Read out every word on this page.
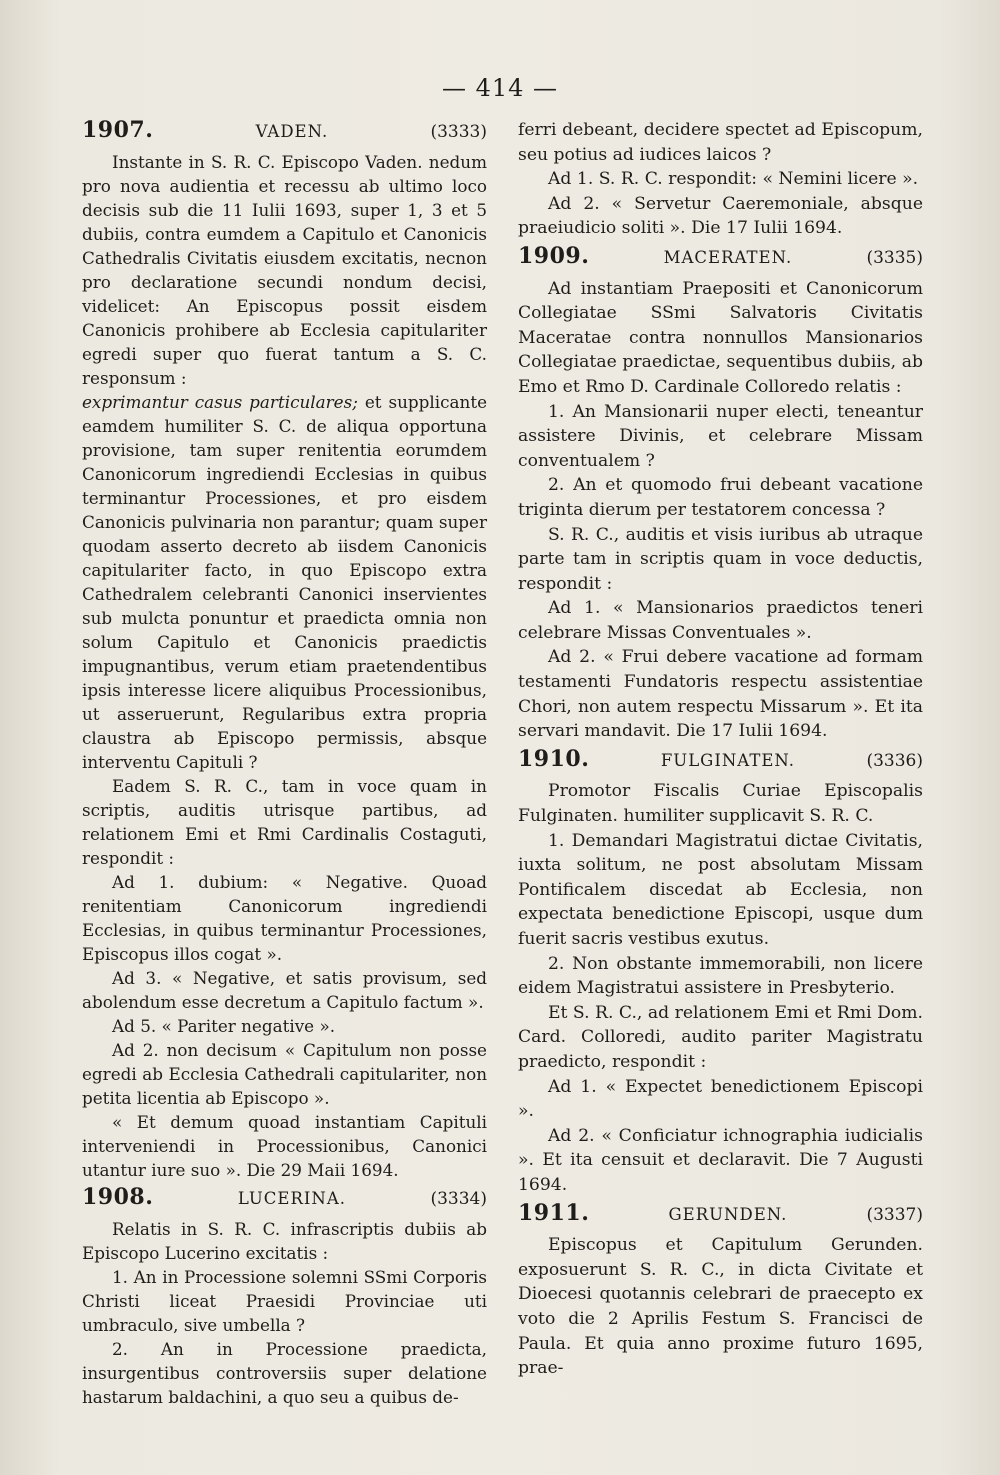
— 414 —
1907.	VADEN.	(3333)

Instante in S. R. C. Episcopo Vaden. nedum pro nova audientia et recessu ab ultimo loco decisis sub die 11 Iulii 1693, super 1, 3 et 5 dubiis, contra eumdem a Capitulo et Canonicis Cathedralis Civitatis eiusdem excitatis, necnon pro declaratione secundi nondum decisi, videlicet: An Episcopus possit eisdem Canonicis prohibere ab Ecclesia capitulariter egredi super quo fuerat tantum a S. C. responsum :

exprimantur casus particulares; et supplicante eamdem humiliter S. C. de aliqua opportuna provisione, tam super renitentia eorumdem Canonicorum ingrediendi Ecclesias in quibus terminantur Processiones, et pro eisdem Canonicis pulvinaria non parantur; quam super quodam asserto decreto ab iisdem Canonicis capitulariter facto, in quo Episcopo extra Cathedralem celebranti Canonici inservientes sub mulcta ponuntur et praedicta omnia non solum Capitulo et Canonicis praedictis impugnantibus, verum etiam praetendentibus ipsis interesse licere aliquibus Processionibus, ut asseruerunt, Regularibus extra propria claustra ab Episcopo permissis, absque interventu Capituli ?

Eadem S. R. C., tam in voce quam in scriptis, auditis utrisque partibus, ad relationem Emi et Rmi Cardinalis Costaguti, respondit :

Ad 1. dubium: « Negative. Quoad renitentiam Canonicorum ingrediendi Ecclesias, in quibus terminantur Processiones, Episcopus illos cogat ».

Ad 3. « Negative, et satis provisum, sed abolendum esse decretum a Capitulo factum ».

Ad 5. « Pariter negative ».

Ad 2. non decisum « Capitulum non posse egredi ab Ecclesia Cathedrali capitulariter, non petita licentia ab Episcopo ».

« Et demum quoad instantiam Capituli interveniendi in Processionibus, Canonici utantur iure suo ». Die 29 Maii 1694.

1908.	LUCERINA.	(3334)

Relatis in S. R. C. infrascriptis dubiis ab Episcopo Lucerino excitatis :

1. An in Processione solemni SSmi Corporis Christi liceat Praesidi Provinciae uti umbraculo, sive umbella ?

2. An in Processione praedicta, insurgentibus controversiis super delatione hastarum baldachini, a quo seu a quibus de-

ferri debeant, decidere spectet ad Episcopum, seu potius ad iudices laicos ?

Ad 1. S. R. C. respondit: « Nemini licere ».

Ad 2. « Servetur Caeremoniale, absque praeiudicio soliti ». Die 17 Iulii 1694.

1909.	MACERATEN.	(3335)

Ad instantiam Praepositi et Canonicorum Collegiatae SSmi Salvatoris Civitatis Maceratae contra nonnullos Mansionarios Collegiatae praedictae, sequentibus dubiis, ab Emo et Rmo D. Cardinale Colloredo relatis :

1. An Mansionarii nuper electi, teneantur assistere Divinis, et celebrare Missam conventualem ?

2. An et quomodo frui debeant vacatione triginta dierum per testatorem concessa ?

S. R. C., auditis et visis iuribus ab utraque parte tam in scriptis quam in voce deductis, respondit :

Ad 1. « Mansionarios praedictos teneri celebrare Missas Conventuales ».

Ad 2. « Frui debere vacatione ad formam testamenti Fundatoris respectu assistentiae Chori, non autem respectu Missarum ». Et ita servari mandavit. Die 17 Iulii 1694.

1910.	FULGINATEN.	(3336)

Promotor Fiscalis Curiae Episcopalis Fulginaten. humiliter supplicavit S. R. C.

1. Demandari Magistratui dictae Civitatis, iuxta solitum, ne post absolutam Missam Pontificalem discedat ab Ecclesia, non expectata benedictione Episcopi, usque dum fuerit sacris vestibus exutus.

2. Non obstante immemorabili, non licere eidem Magistratui assistere in Presbyterio.

Et S. R. C., ad relationem Emi et Rmi Dom. Card. Colloredi, audito pariter Magistratu praedicto, respondit :

Ad 1. « Expectet benedictionem Episcopi ».

Ad 2. « Conficiatur ichnographia iudicialis ». Et ita censuit et declaravit. Die 7 Augusti 1694.

1911.	GERUNDEN.	(3337)

Episcopus et Capitulum Gerunden. exposuerunt S. R. C., in dicta Civitate et Dioecesi quotannis celebrari de praecepto ex voto die 2 Aprilis Festum S. Francisci de Paula. Et quia anno proxime futuro 1695, prae-
